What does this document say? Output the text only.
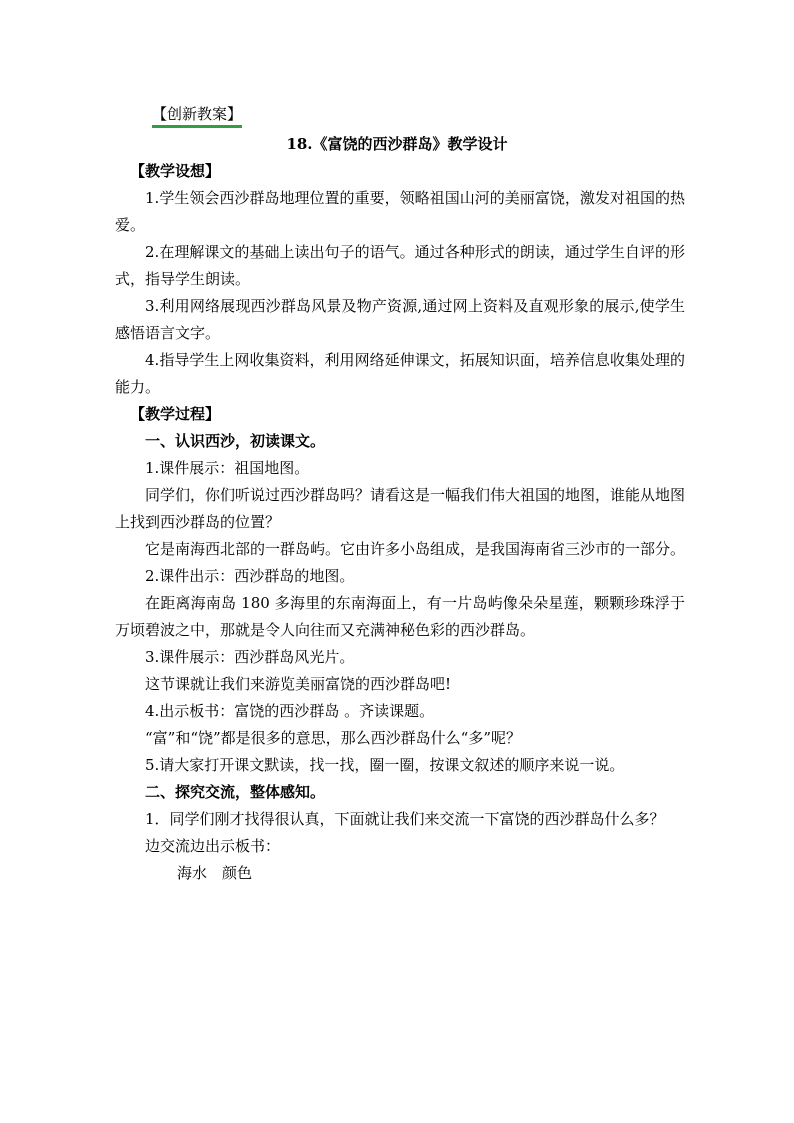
【创新教案】
18.《富饶的西沙群岛》教学设计

【教学设想】

1.学生领会西沙群岛地理位置的重要，领略祖国山河的美丽富饶，激发对祖国的热爱。

2.在理解课文的基础上读出句子的语气。通过各种形式的朗读，通过学生自评的形式，指导学生朗读。

3.利用网络展现西沙群岛风景及物产资源,通过网上资料及直观形象的展示,使学生感悟语言文字。

4.指导学生上网收集资料，利用网络延伸课文，拓展知识面，培养信息收集处理的能力。

【教学过程】

一、认识西沙，初读课文。

1.课件展示：祖国地图。

同学们，你们听说过西沙群岛吗？请看这是一幅我们伟大祖国的地图，谁能从地图上找到西沙群岛的位置？

它是南海西北部的一群岛屿。它由许多小岛组成，是我国海南省三沙市的一部分。

2.课件出示：西沙群岛的地图。

在距离海南岛 180 多海里的东南海面上，有一片岛屿像朵朵星莲，颗颗珍珠浮于万顷碧波之中，那就是令人向往而又充满神秘色彩的西沙群岛。

3.课件展示：西沙群岛风光片。

这节课就让我们来游览美丽富饶的西沙群岛吧!

4.出示板书：富饶的西沙群岛 。齐读课题。

“富”和“饶”都是很多的意思，那么西沙群岛什么“多”呢？

5.请大家打开课文默读，找一找，圈一圈，按课文叙述的顺序来说一说。

二、探究交流，整体感知。

1．同学们刚才找得很认真，下面就让我们来交流一下富饶的西沙群岛什么多？

边交流边出示板书：

海水　颜色
